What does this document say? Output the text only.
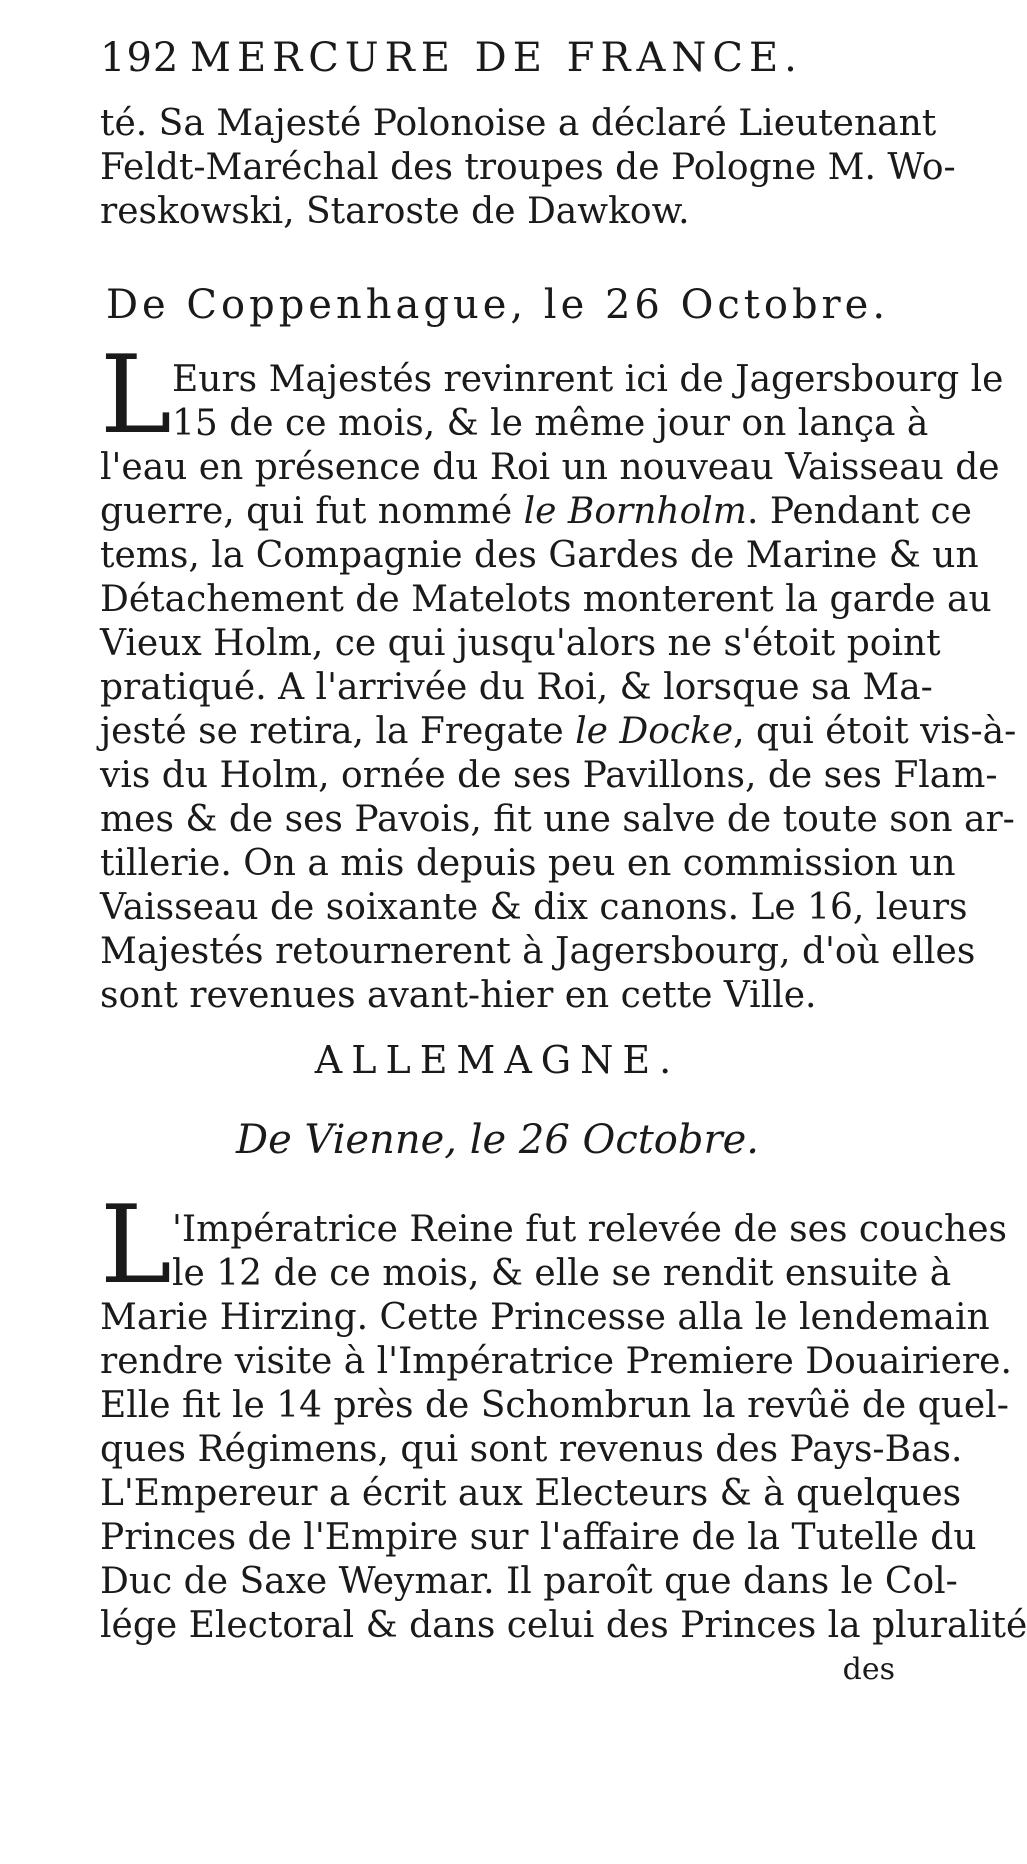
192 MERCURE DE FRANCE.
té. Sa Majesté Polonoise a déclaré Lieutenant
Feldt-Maréchal des troupes de Pologne M. Wo-
reskowski, Staroste de Dawkow.
De Coppenhague, le 26 Octobre.
L Eurs Majestés revinrent ici de Jagersbourg le
15 de ce mois, & le même jour on lança à
l'eau en présence du Roi un nouveau Vaisseau de
guerre, qui fut nommé le Bornholm. Pendant ce
tems, la Compagnie des Gardes de Marine & un
Détachement de Matelots monterent la garde au
Vieux Holm, ce qui jusqu'alors ne s'étoit point
pratiqué. A l'arrivée du Roi, & lorsque sa Ma-
jesté se retira, la Fregate le Docke, qui étoit vis-à-
vis du Holm, ornée de ses Pavillons, de ses Flam-
mes & de ses Pavois, fit une salve de toute son ar-
tillerie. On a mis depuis peu en commission un
Vaisseau de soixante & dix canons. Le 16, leurs
Majestés retournerent à Jagersbourg, d'où elles
sont revenues avant-hier en cette Ville.
ALLEMAGNE.
De Vienne, le 26 Octobre.
L 'Impératrice Reine fut relevée de ses couches
le 12 de ce mois, & elle se rendit ensuite à
Marie Hirzing. Cette Princesse alla le lendemain
rendre visite à l'Impératrice Premiere Douairiere.
Elle fit le 14 près de Schombrun la revûë de quel-
ques Régimens, qui sont revenus des Pays-Bas.
L'Empereur a écrit aux Electeurs & à quelques
Princes de l'Empire sur l'affaire de la Tutelle du
Duc de Saxe Weymar. Il paroît que dans le Col-
lége Electoral & dans celui des Princes la pluralité
des
